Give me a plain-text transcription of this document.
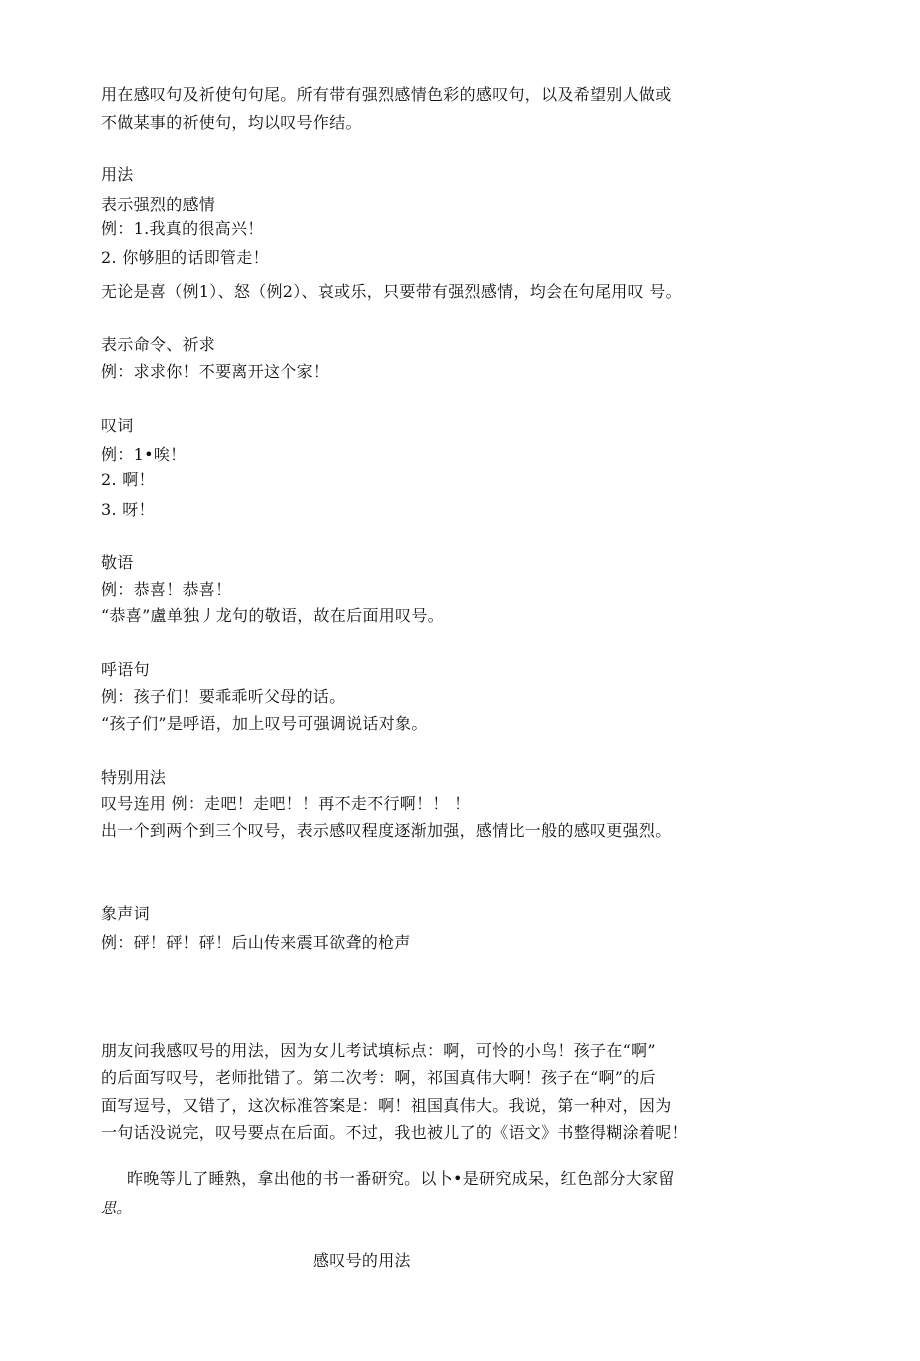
用在感叹句及祈使句句尾。所有带有强烈感情色彩的感叹句，以及希望别人做或
不做某事的祈使句，均以叹号作结。
用法
表示强烈的感情
例：1.我真的很高兴！
2. 你够胆的话即管走！
无论是喜（例1）、怒（例2）、哀或乐，只要带有强烈感情，均会在句尾用叹 号。
表示命令、祈求
例：求求你！不要离开这个家！
叹词
例：1•唉！
2. 啊！
3. 呀！
敬语
例：恭喜！恭喜！
“恭喜”盧单独丿龙句的敬语，故在后面用叹号。
呼语句
例：孩子们！要乖乖听父母的话。
“孩子们”是呼语，加上叹号可强调说话对象。
特别用法
叹号连用 例：走吧！走吧！！再不走不行啊！！ ！
出一个到两个到三个叹号，表示感叹程度逐渐加强，感情比一般的感叹更强烈。
象声词
例：砰！砰！砰！后山传来震耳欲聋的枪声
朋友问我感叹号的用法，因为女儿考试填标点：啊，可怜的小鸟！孩子在“啊”
的后面写叹号，老师批错了。第二次考：啊，祁国真伟大啊！孩子在“啊”的后
面写逗号，又错了，这次标准答案是：啊！祖国真伟大。我说，第一种对，因为
一句话没说完，叹号要点在后面。不过，我也被儿了的《语文》书整得糊涂着呢！
昨晚等儿了睡熟，拿出他的书一番研究。以卜•是研究成呆，红色部分大家留
思。
感叹号的用法
